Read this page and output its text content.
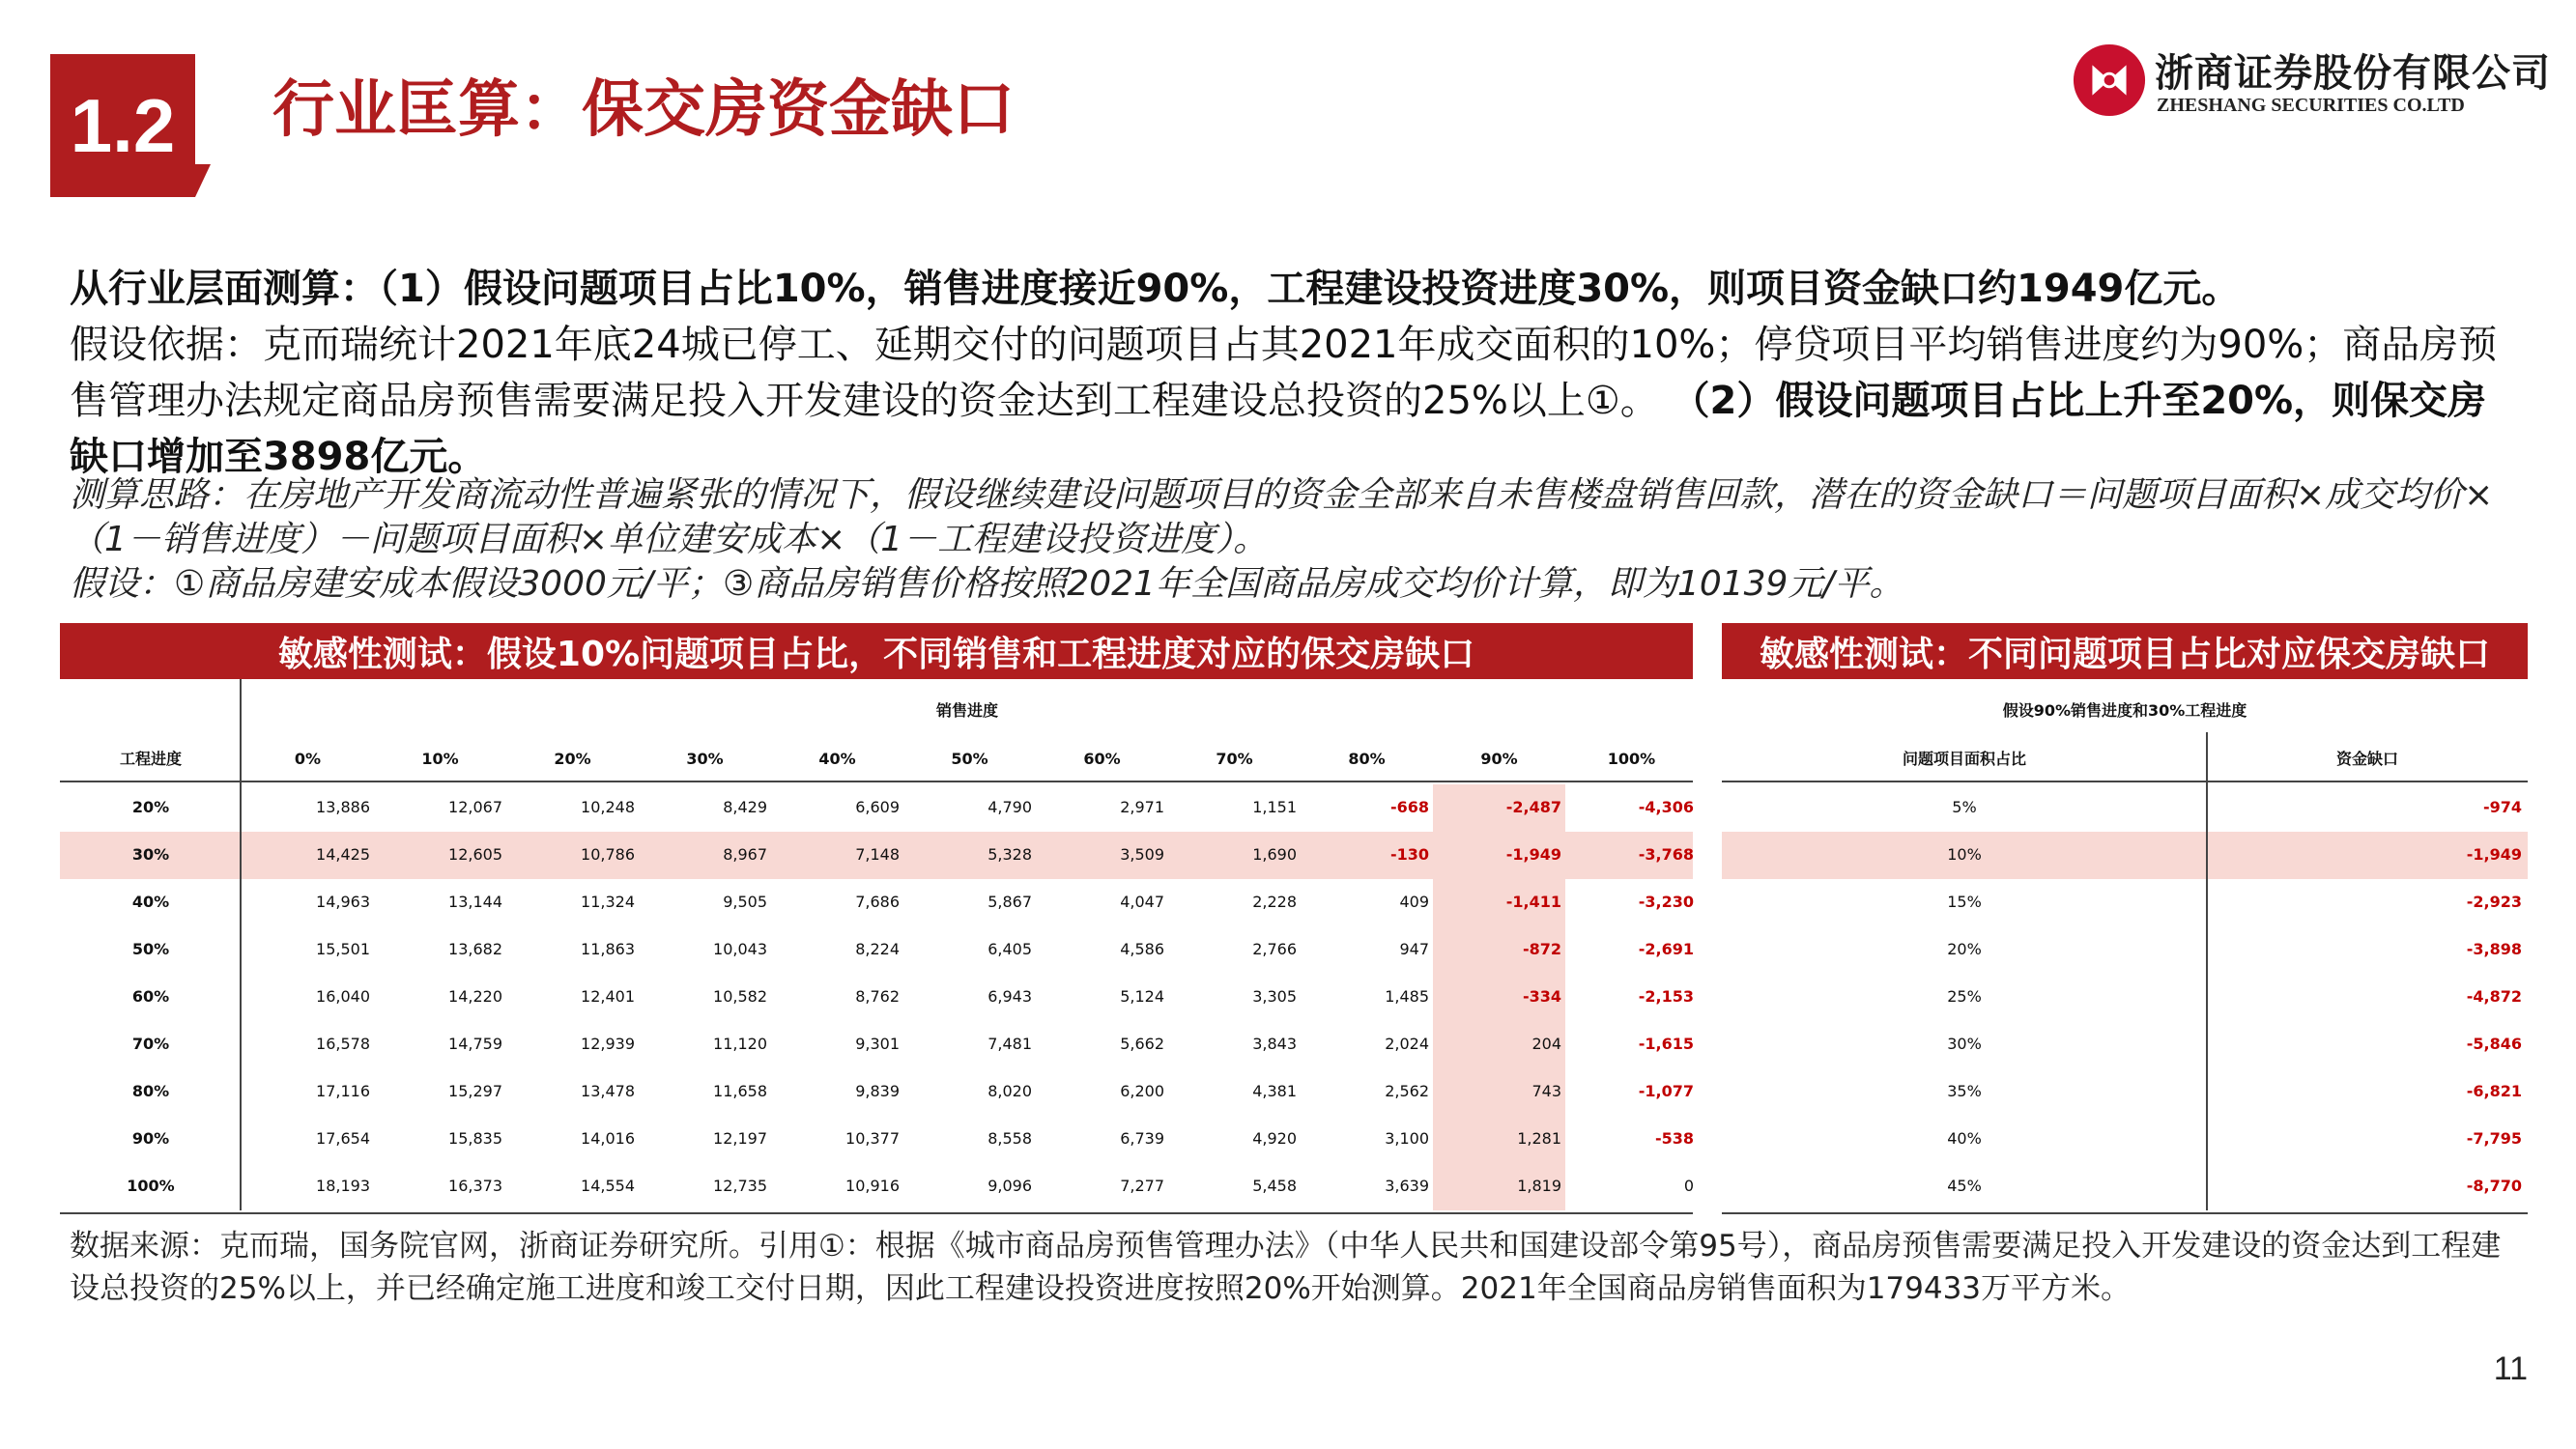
1.2 行业匡算：保交房资金缺口
浙商证券股份有限公司
ZHESHANG SECURITIES CO.LTD
从行业层面测算：（1）假设问题项目占比10%，销售进度接近90%，工程建设投资进度30%，则项目资金缺口约1949亿元。
假设依据：克而瑞统计2021年底24城已停工、延期交付的问题项目占其2021年成交面积的10%；停贷项目平均销售进度约为90%；商品房预售管理办法规定商品房预售需要满足投入开发建设的资金达到工程建设总投资的25%以上①。 （2）假设问题项目占比上升至20%，则保交房缺口增加至3898亿元。
测算思路：在房地产开发商流动性普遍紧张的情况下，假设继续建设问题项目的资金全部来自未售楼盘销售回款，潜在的资金缺口＝问题项目面积×成交均价×（1－销售进度）－问题项目面积×单位建安成本×（1－工程建设投资进度）。
假设：①商品房建安成本假设3000元/平；③商品房销售价格按照2021年全国商品房成交均价计算，即为10139元/平。
敏感性测试：假设10%问题项目占比，不同销售和工程进度对应的保交房缺口	敏感性测试：不同问题项目占比对应保交房缺口
数据来源：克而瑞，国务院官网，浙商证券研究所。引用①：根据《城市商品房预售管理办法》（中华人民共和国建设部令第95号），商品房预售需要满足投入开发建设的资金达到工程建设总投资的25%以上，并已经确定施工进度和竣工交付日期，因此工程建设投资进度按照20%开始测算。2021年全国商品房销售面积为179433万平方米。
11
销售进度
工程进度	0%	10%	20%	30%	40%	50%	60%	70%	80%	90%	100%
20%	13,886	12,067	10,248	8,429	6,609	4,790	2,971	1,151	-668	-2,487	-4,306
30%	14,425	12,605	10,786	8,967	7,148	5,328	3,509	1,690	-130	-1,949	-3,768
40%	14,963	13,144	11,324	9,505	7,686	5,867	4,047	2,228	409	-1,411	-3,230
50%	15,501	13,682	11,863	10,043	8,224	6,405	4,586	2,766	947	-872	-2,691
60%	16,040	14,220	12,401	10,582	8,762	6,943	5,124	3,305	1,485	-334	-2,153
70%	16,578	14,759	12,939	11,120	9,301	7,481	5,662	3,843	2,024	204	-1,615
80%	17,116	15,297	13,478	11,658	9,839	8,020	6,200	4,381	2,562	743	-1,077
90%	17,654	15,835	14,016	12,197	10,377	8,558	6,739	4,920	3,100	1,281	-538
100%	18,193	16,373	14,554	12,735	10,916	9,096	7,277	5,458	3,639	1,819	0
假设90%销售进度和30%工程进度
问题项目面积占比	资金缺口
5%	-974
10%	-1,949
15%	-2,923
20%	-3,898
25%	-4,872
30%	-5,846
35%	-6,821
40%	-7,795
45%	-8,770
